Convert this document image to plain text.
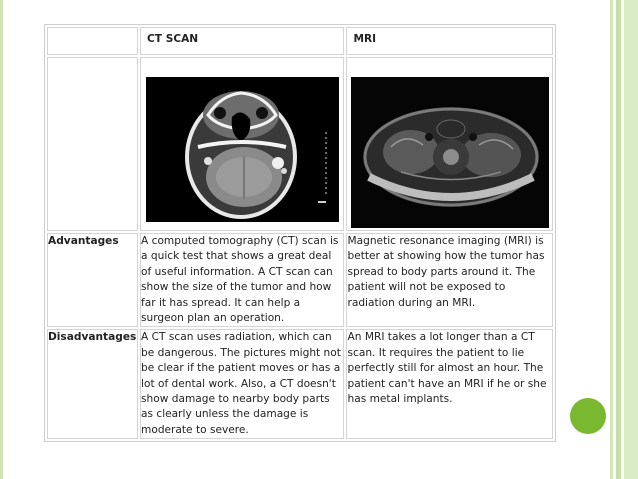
	CT SCAN	MRI

Advantages	A computed tomography (CT) scan is a quick test that shows a great deal of useful information. A CT scan can show the size of the tumor and how far it has spread. It can help a surgeon plan an operation.	Magnetic resonance imaging (MRI) is better at showing how the tumor has spread to body parts around it. The patient will not be exposed to radiation during an MRI.
Disadvantages	A CT scan uses radiation, which can be dangerous. The pictures might not be clear if the patient moves or has a lot of dental work. Also, a CT doesn't show damage to nearby body parts as clearly unless the damage is moderate to severe.	An MRI takes a lot longer than a CT scan. It requires the patient to lie perfectly still for almost an hour. The patient can't have an MRI if he or she has metal implants.
